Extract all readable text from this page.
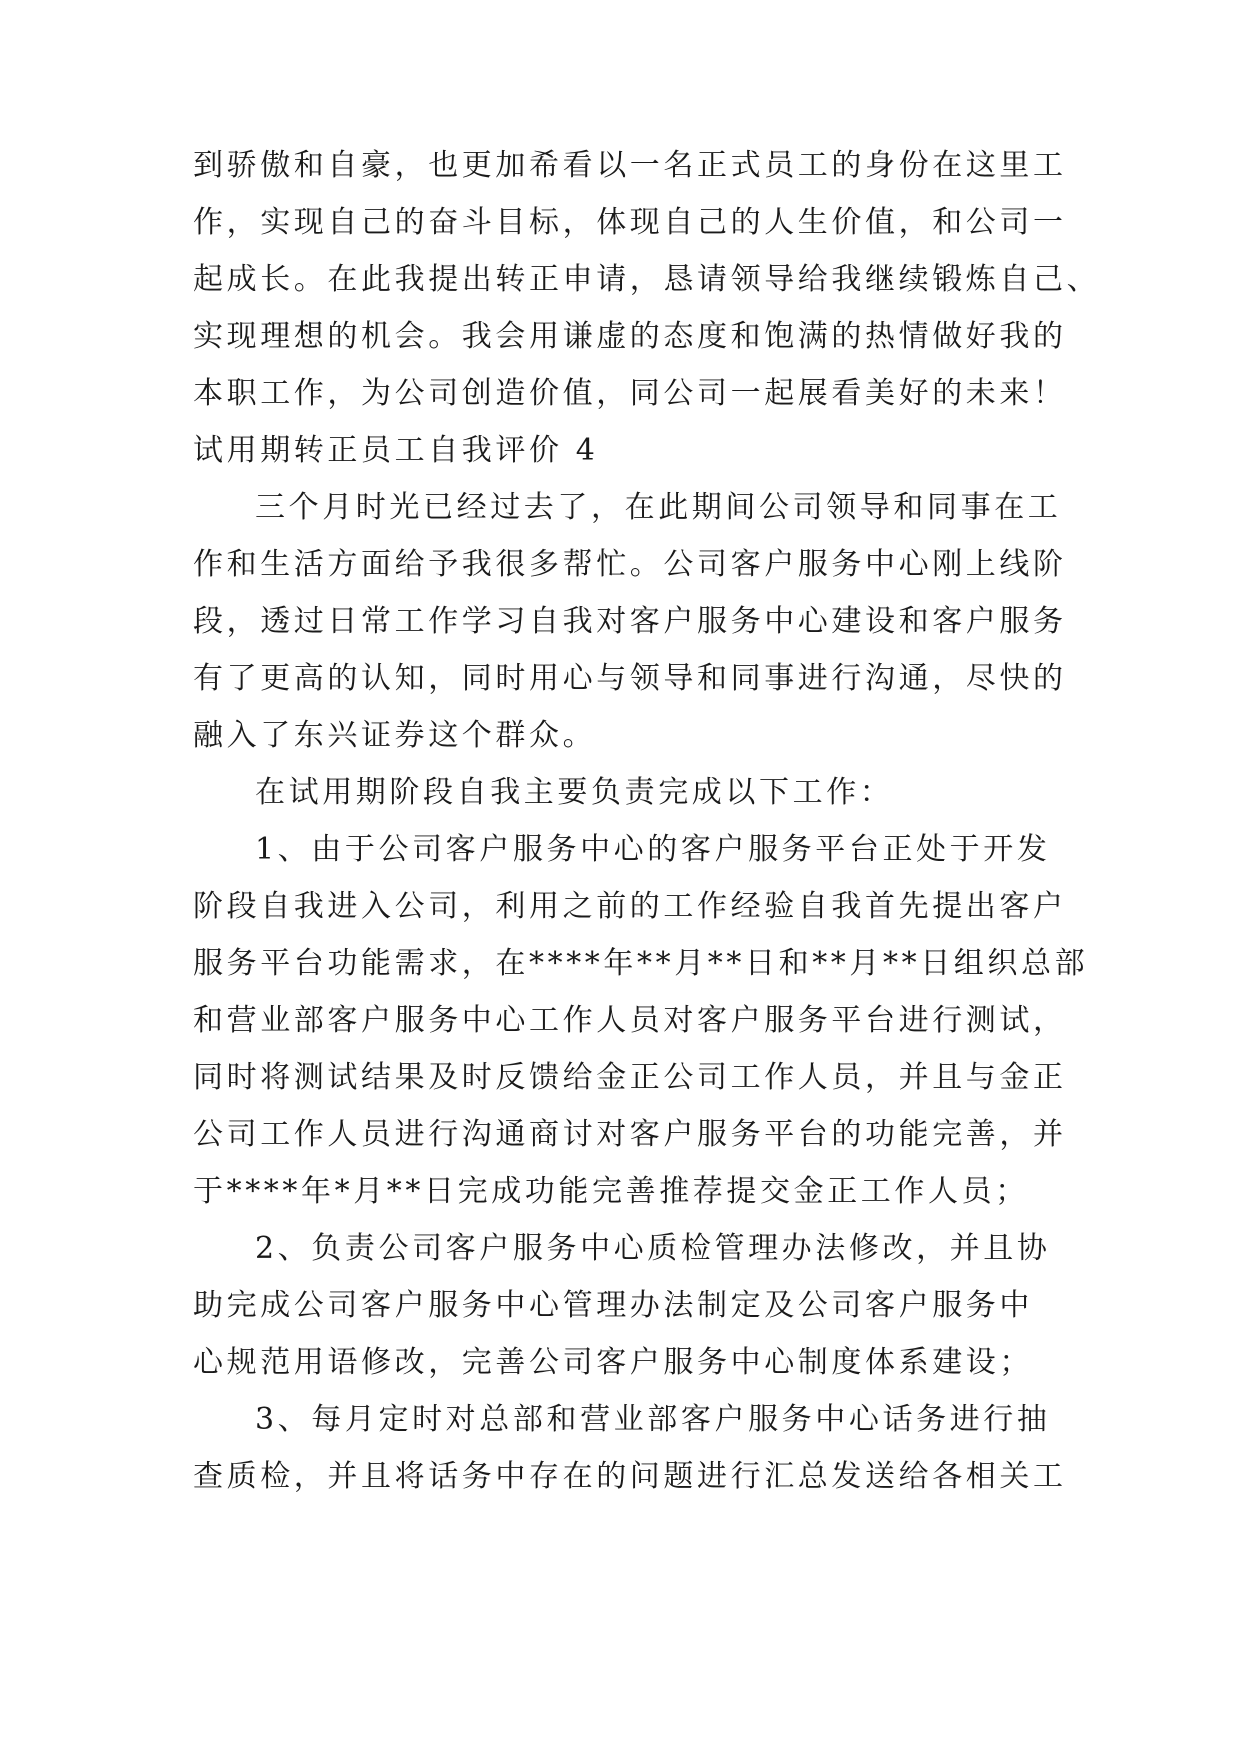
到骄傲和自豪，也更加希看以一名正式员工的身份在这里工
作，实现自己的奋斗目标，体现自己的人生价值，和公司一
起成长。在此我提出转正申请，恳请领导给我继续锻炼自己、
实现理想的机会。我会用谦虚的态度和饱满的热情做好我的
本职工作，为公司创造价值，同公司一起展看美好的未来！
试用期转正员工自我评价 4
三个月时光已经过去了，在此期间公司领导和同事在工
作和生活方面给予我很多帮忙。公司客户服务中心刚上线阶
段，透过日常工作学习自我对客户服务中心建设和客户服务
有了更高的认知，同时用心与领导和同事进行沟通，尽快的
融入了东兴证券这个群众。
在试用期阶段自我主要负责完成以下工作：
1、由于公司客户服务中心的客户服务平台正处于开发
阶段自我进入公司，利用之前的工作经验自我首先提出客户
服务平台功能需求，在****年**月**日和**月**日组织总部
和营业部客户服务中心工作人员对客户服务平台进行测试，
同时将测试结果及时反馈给金正公司工作人员，并且与金正
公司工作人员进行沟通商讨对客户服务平台的功能完善，并
于****年*月**日完成功能完善推荐提交金正工作人员；
2、负责公司客户服务中心质检管理办法修改，并且协
助完成公司客户服务中心管理办法制定及公司客户服务中
心规范用语修改，完善公司客户服务中心制度体系建设；
3、每月定时对总部和营业部客户服务中心话务进行抽
查质检，并且将话务中存在的问题进行汇总发送给各相关工
